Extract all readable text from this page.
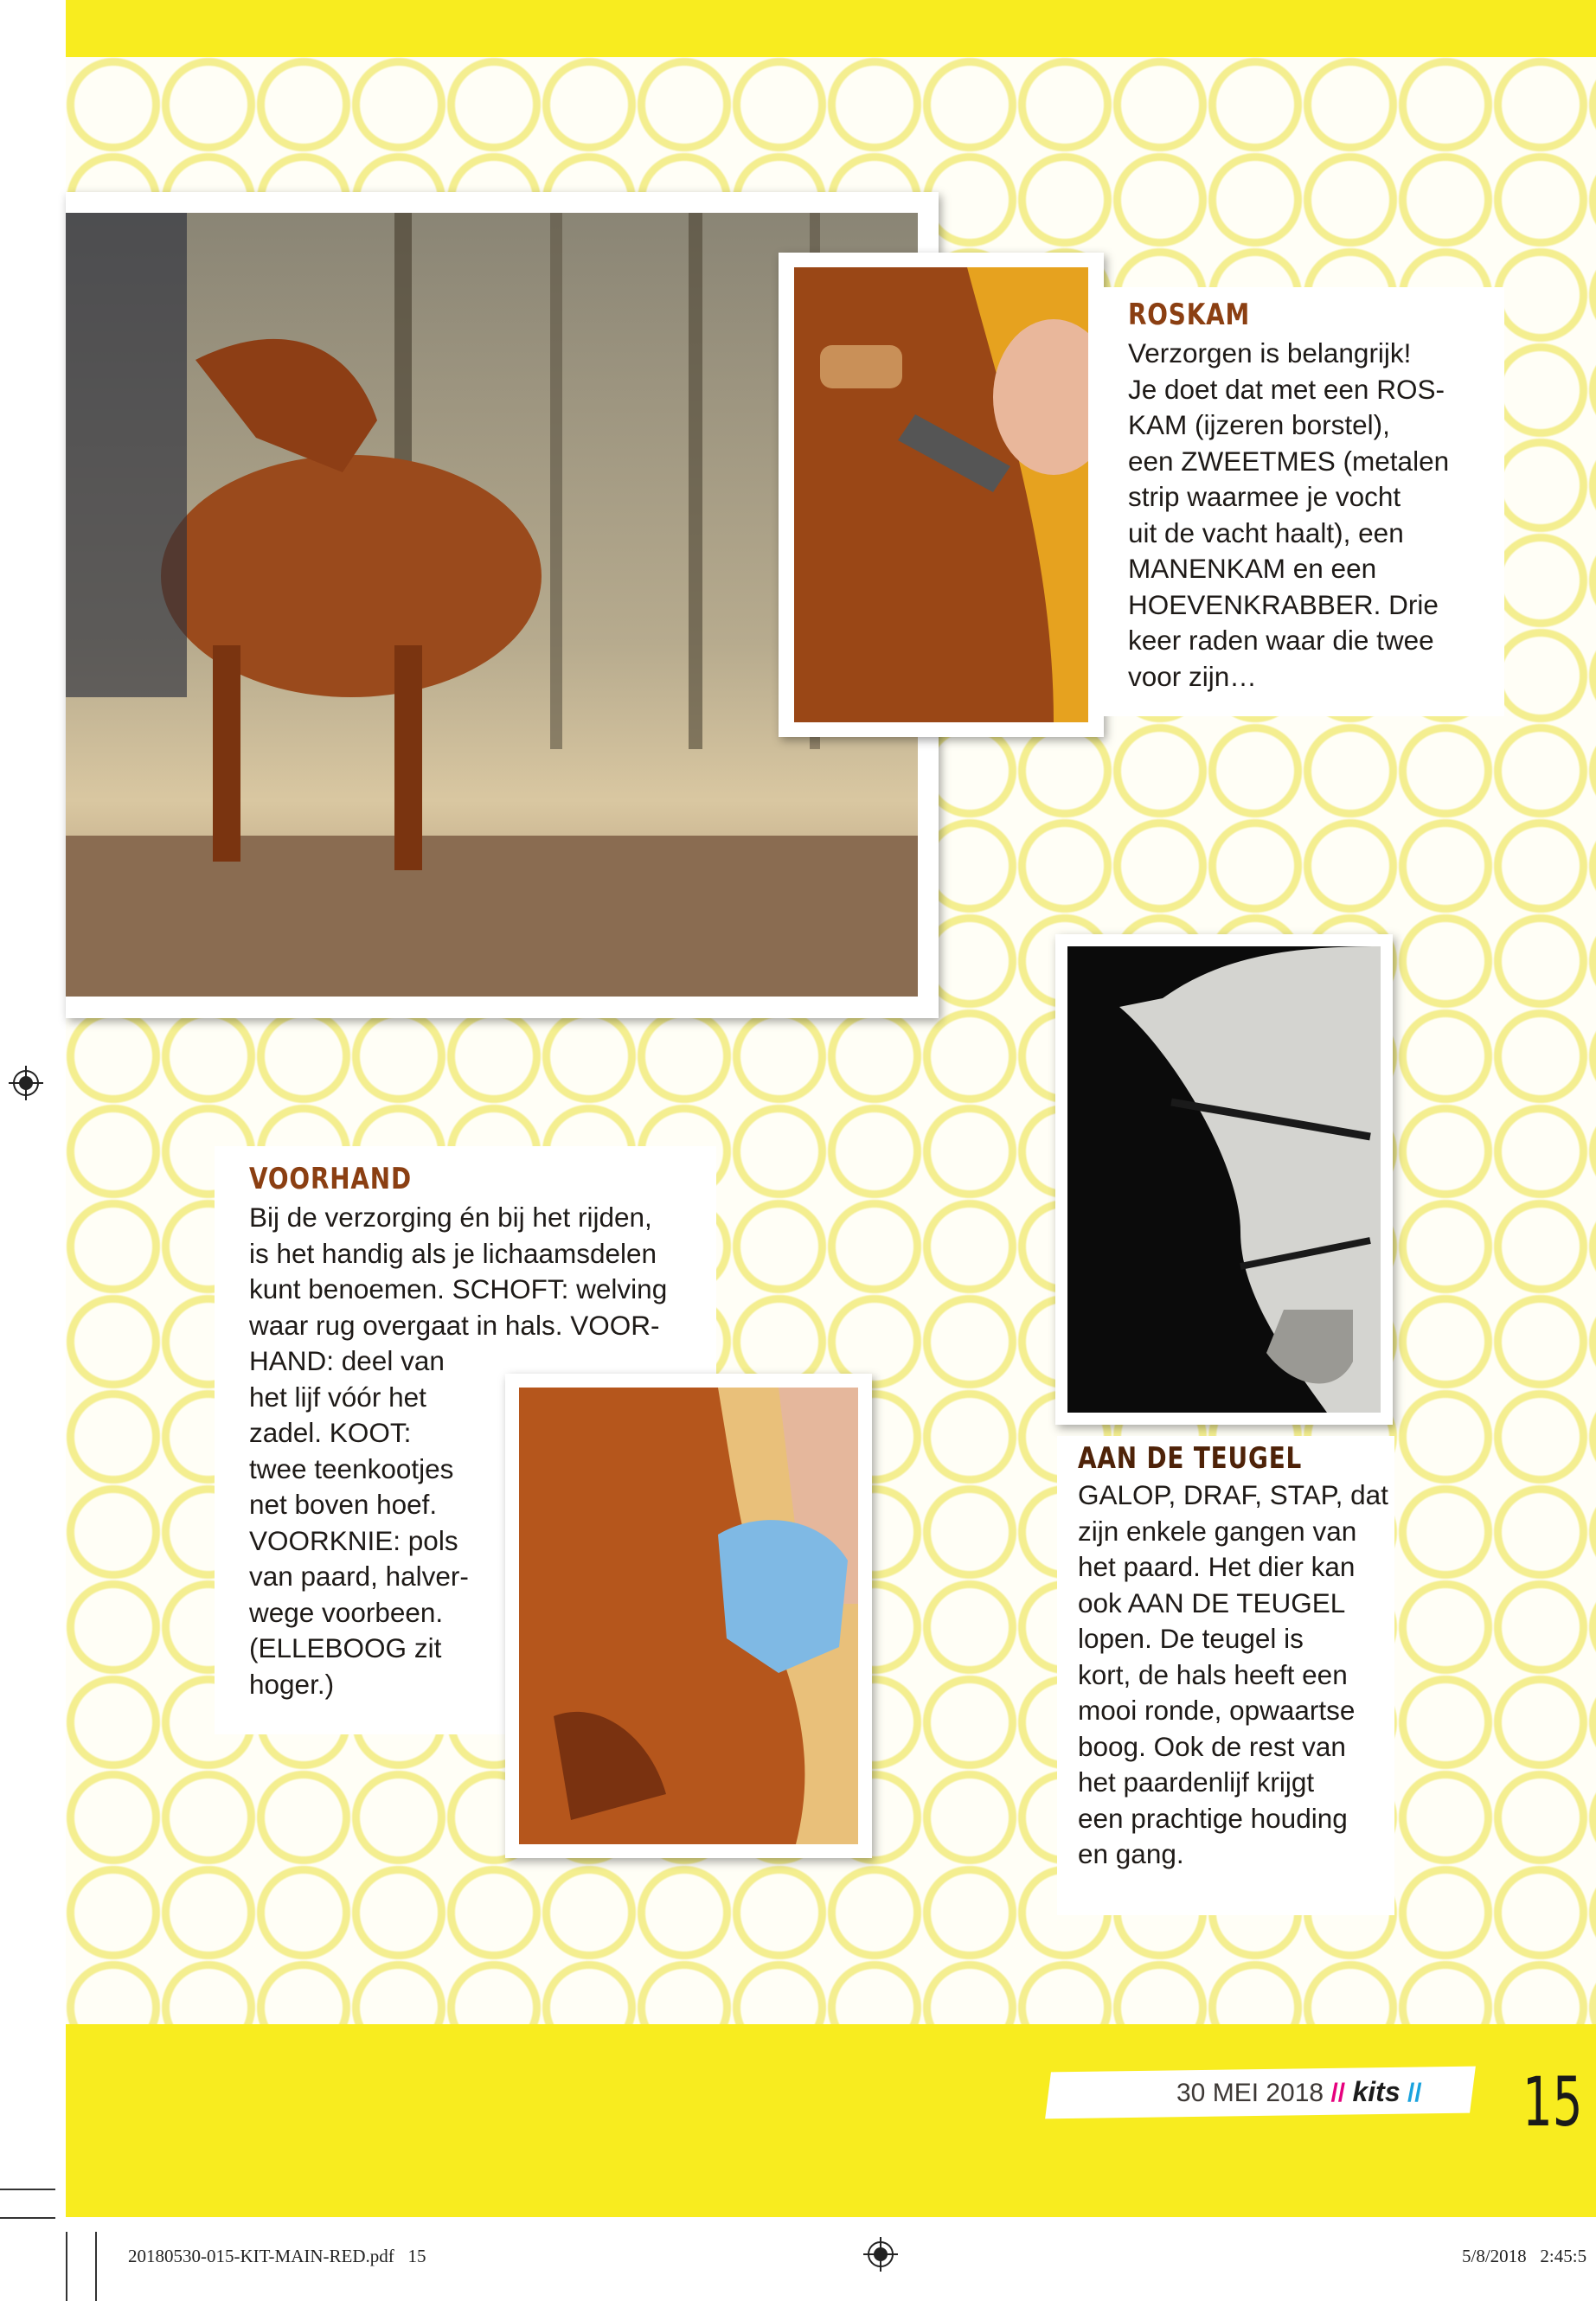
ROSKAM

Verzorgen is belangrijk!

Je doet dat met een ROS-

KAM (ijzeren borstel),

een ZWEETMES (metalen

strip waarmee je vocht

uit de vacht haalt), een

MANENKAM en een

HOEVENKRABBER. Drie

keer raden waar die twee

voor zijn…

AAN DE TEUGEL

GALOP, DRAF, STAP, dat

zijn enkele gangen van

het paard. Het dier kan

ook AAN DE TEUGEL

lopen. De teugel is

kort, de hals heeft een

mooi ronde, opwaartse

boog. Ook de rest van

het paardenlijf krijgt

een prachtige houding

en gang.

VOORHAND

Bij de verzorging én bij het rijden,

is het handig als je lichaamsdelen

kunt benoemen. SCHOFT: welving

waar rug overgaat in hals. VOOR-

HAND: deel van

het lijf vóór het

zadel. KOOT:

twee teenkootjes

net boven hoef.

VOORKNIE: pols

van paard, halver-

wege voorbeen.

(ELLEBOOG zit

hoger.)

30 MEI 2018 // kits // 15
20180530-015-KIT-MAIN-RED.pdf   15	5/8/2018   2:45:5
